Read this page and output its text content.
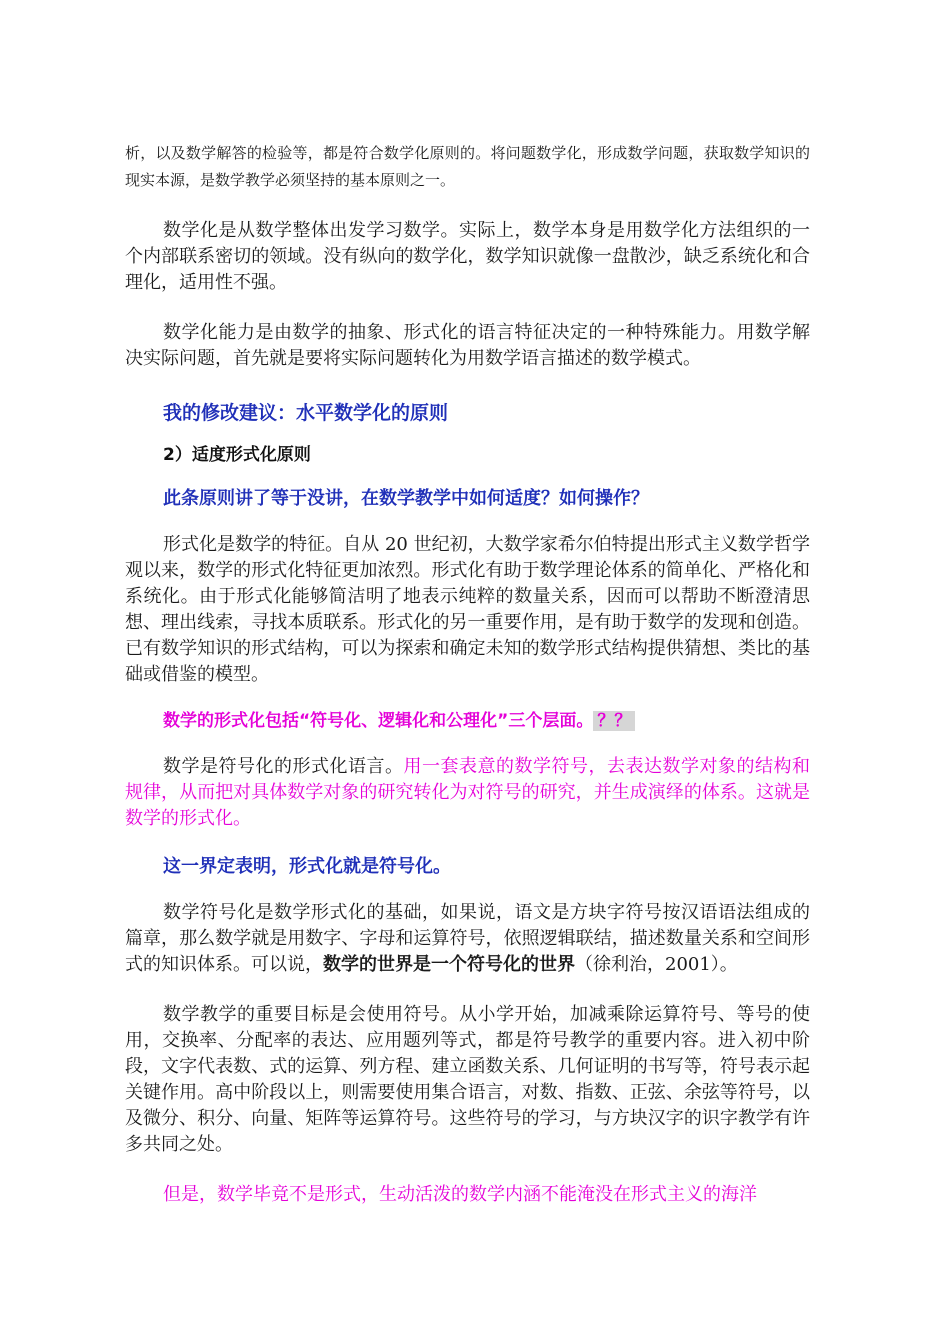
析，以及数学解答的检验等，都是符合数学化原则的。将问题数学化，形成数学问题，获取数学知识的现实本源，是数学教学必须坚持的基本原则之一。

数学化是从数学整体出发学习数学。实际上，数学本身是用数学化方法组织的一个内部联系密切的领域。没有纵向的数学化，数学知识就像一盘散沙，缺乏系统化和合理化，适用性不强。

数学化能力是由数学的抽象、形式化的语言特征决定的一种特殊能力。用数学解决实际问题，首先就是要将实际问题转化为用数学语言描述的数学模式。

我的修改建议：水平数学化的原则

2）适度形式化原则

此条原则讲了等于没讲，在数学教学中如何适度？如何操作？

形式化是数学的特征。自从 20 世纪初，大数学家希尔伯特提出形式主义数学哲学观以来，数学的形式化特征更加浓烈。形式化有助于数学理论体系的简单化、严格化和系统化。由于形式化能够简洁明了地表示纯粹的数量关系，因而可以帮助不断澄清思想、理出线索，寻找本质联系。形式化的另一重要作用，是有助于数学的发现和创造。已有数学知识的形式结构，可以为探索和确定未知的数学形式结构提供猜想、类比的基础或借鉴的模型。

数学的形式化包括“符号化、逻辑化和公理化”三个层面。 ？？

数学是符号化的形式化语言。用一套表意的数学符号，去表达数学对象的结构和规律，从而把对具体数学对象的研究转化为对符号的研究，并生成演绎的体系。这就是数学的形式化。

这一界定表明，形式化就是符号化。

数学符号化是数学形式化的基础，如果说，语文是方块字符号按汉语语法组成的篇章，那么数学就是用数字、字母和运算符号，依照逻辑联结，描述数量关系和空间形式的知识体系。可以说，数学的世界是一个符号化的世界（徐利治，2001）。

数学教学的重要目标是会使用符号。从小学开始，加减乘除运算符号、等号的使用，交换率、分配率的表达、应用题列等式，都是符号教学的重要内容。进入初中阶段，文字代表数、式的运算、列方程、建立函数关系、几何证明的书写等，符号表示起关键作用。高中阶段以上，则需要使用集合语言，对数、指数、正弦、余弦等符号，以及微分、积分、向量、矩阵等运算符号。这些符号的学习，与方块汉字的识字教学有许多共同之处。

但是，数学毕竟不是形式，生动活泼的数学内涵不能淹没在形式主义的海洋
